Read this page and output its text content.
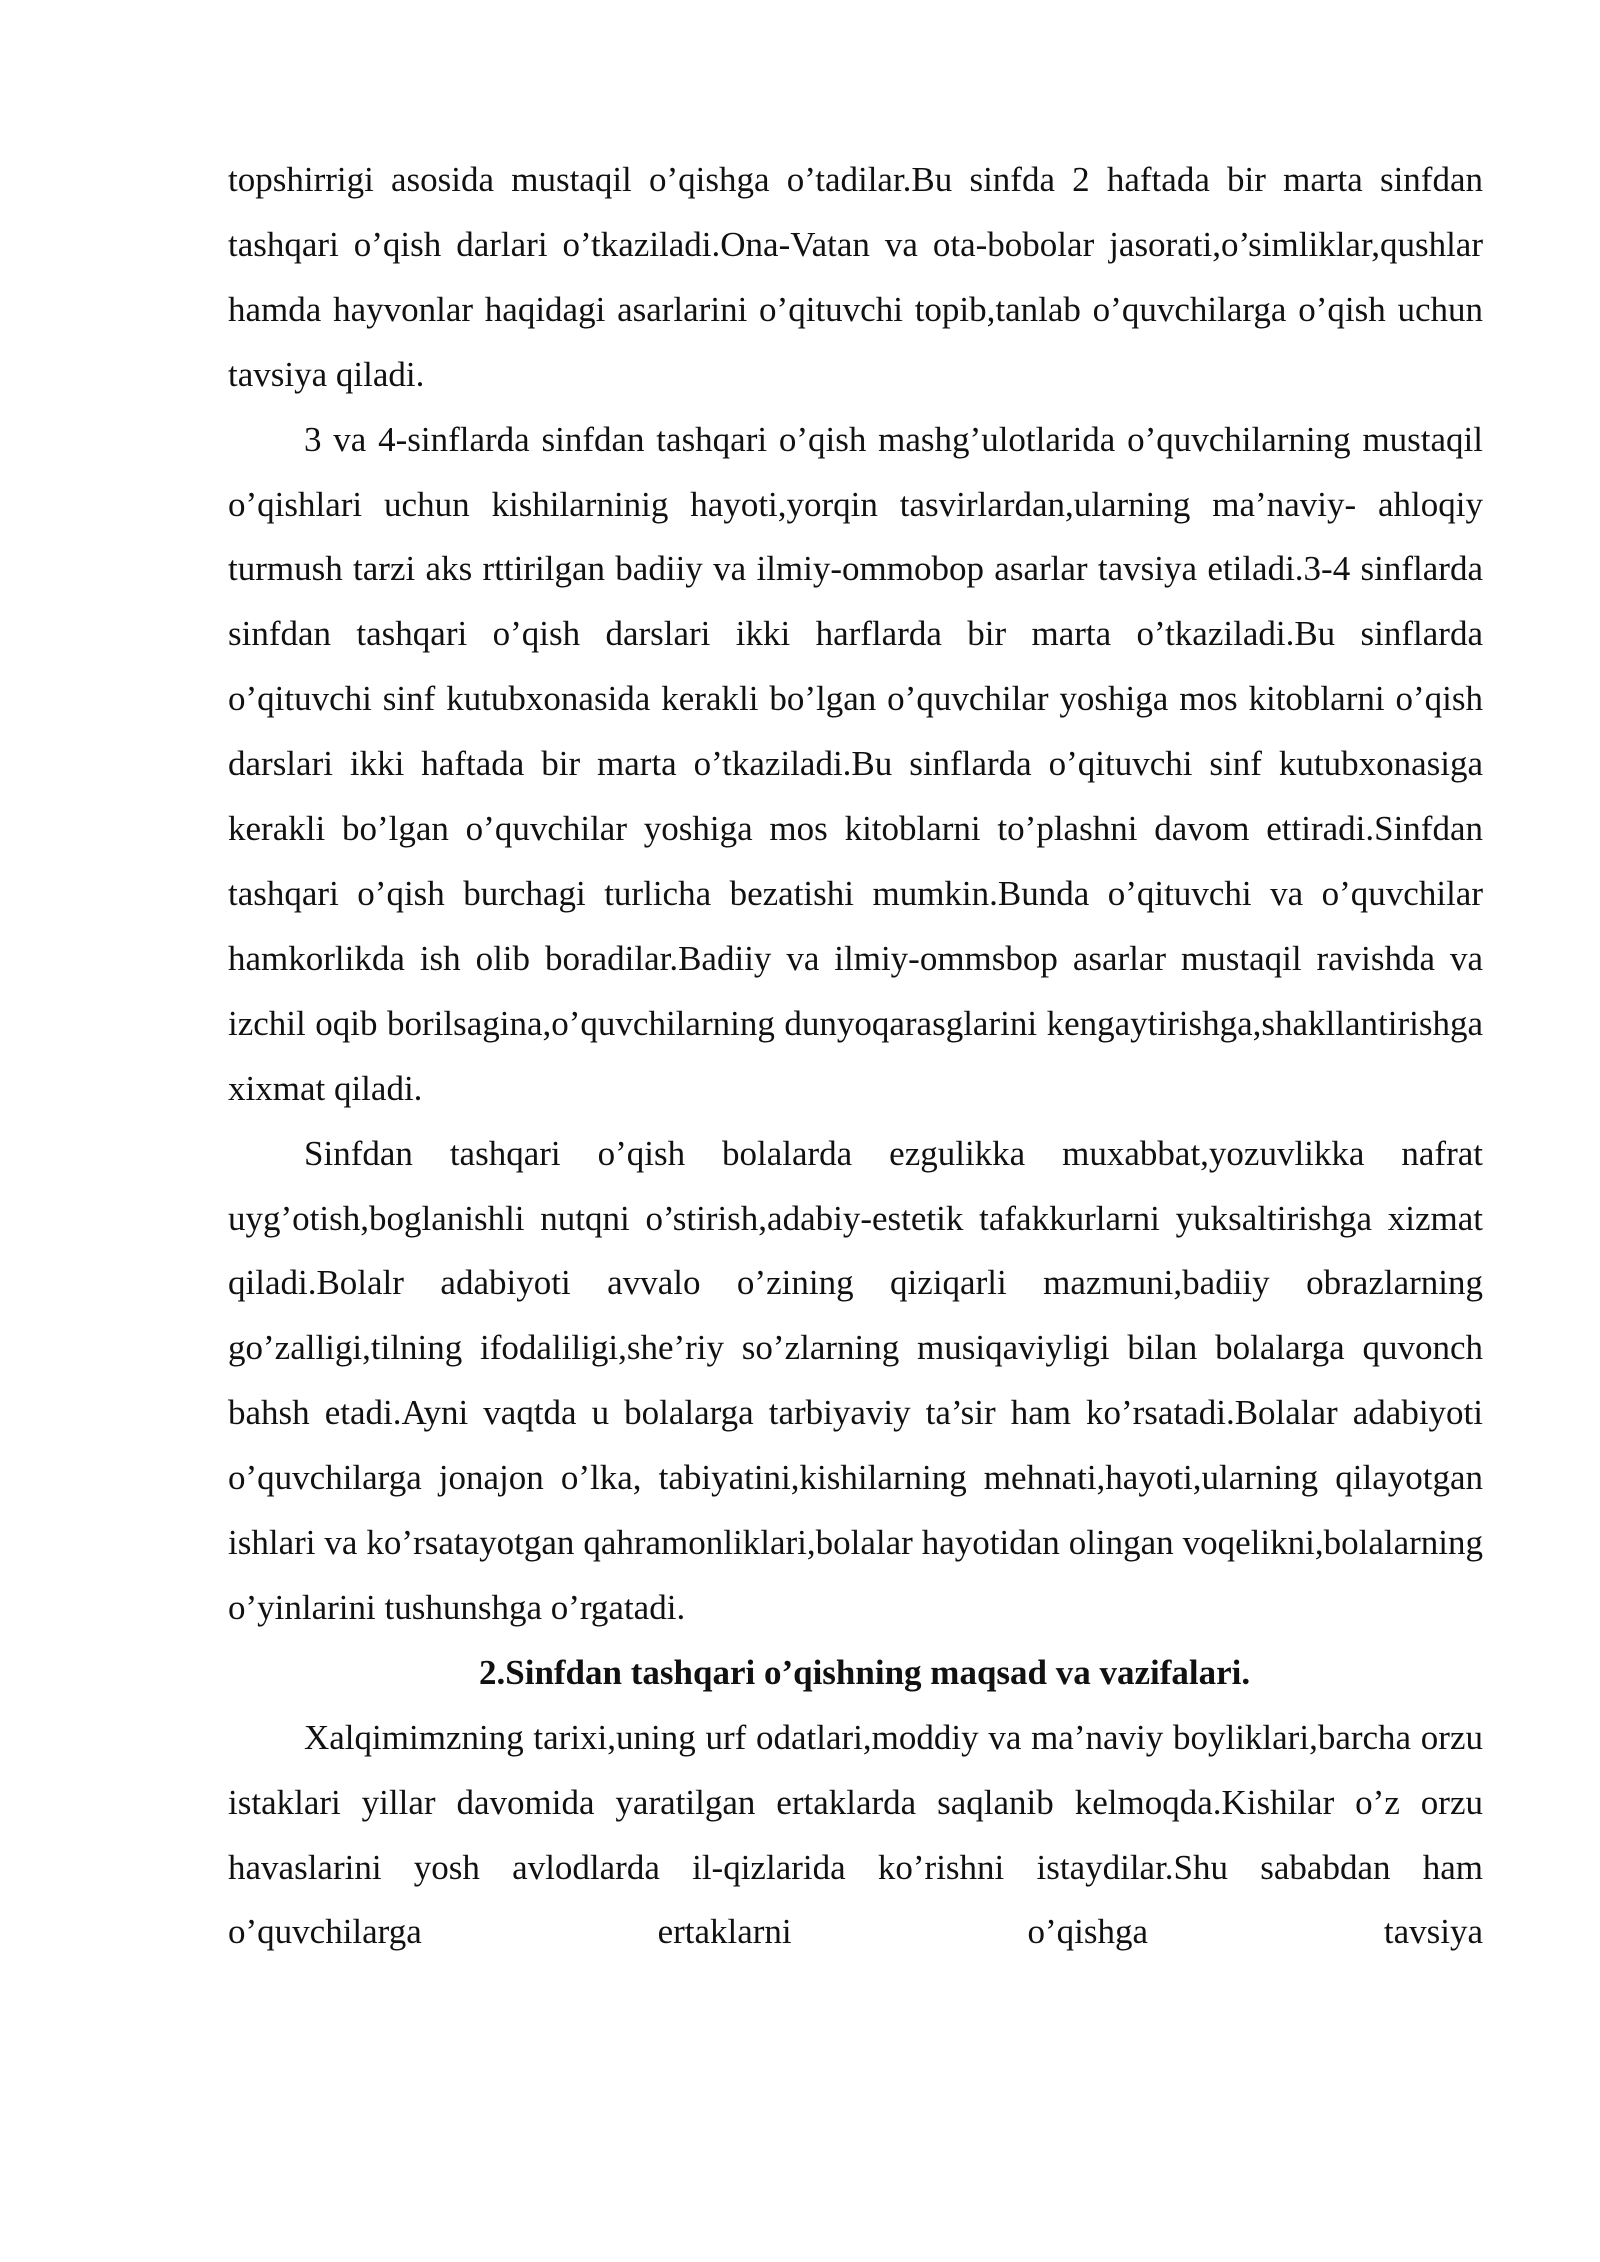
topshirrigi asosida mustaqil o’qishga o’tadilar.Bu sinfda 2 haftada bir marta sinfdan tashqari o’qish darlari o’tkaziladi.Ona-Vatan va ota-bobolar jasorati,o’simliklar,qushlar hamda hayvonlar haqidagi asarlarini o’qituvchi topib,tanlab o’quvchilarga o’qish uchun tavsiya qiladi.

3 va 4-sinflarda sinfdan tashqari o’qish mashg’ulotlarida o’quvchilarning mustaqil o’qishlari uchun kishilarninig hayoti,yorqin tasvirlardan,ularning ma’naviy- ahloqiy turmush tarzi aks rttirilgan badiiy va ilmiy-ommobop asarlar tavsiya etiladi.3-4 sinflarda sinfdan tashqari o’qish darslari ikki harflarda bir marta o’tkaziladi.Bu sinflarda o’qituvchi sinf kutubxonasida kerakli bo’lgan o’quvchilar yoshiga mos kitoblarni o’qish darslari ikki haftada bir marta o’tkaziladi.Bu sinflarda o’qituvchi sinf kutubxonasiga kerakli bo’lgan o’quvchilar yoshiga mos kitoblarni to’plashni davom ettiradi.Sinfdan tashqari o’qish burchagi turlicha bezatishi mumkin.Bunda o’qituvchi va o’quvchilar hamkorlikda ish olib boradilar.Badiiy va ilmiy-ommsbop asarlar mustaqil ravishda va izchil oqib borilsagina,o’quvchilarning dunyoqarasglarini kengaytirishga,shakllantirishga xixmat qiladi.

Sinfdan tashqari o’qish bolalarda ezgulikka muxabbat,yozuvlikka nafrat uyg’otish,boglanishli nutqni o’stirish,adabiy-estetik tafakkurlarni yuksaltirishga xizmat qiladi.Bolalr adabiyoti avvalo o’zining qiziqarli mazmuni,badiiy obrazlarning go’zalligi,tilning ifodaliligi,she’riy so’zlarning musiqaviyligi bilan bolalarga quvonch bahsh etadi.Ayni vaqtda u bolalarga tarbiyaviy ta’sir ham ko’rsatadi.Bolalar adabiyoti o’quvchilarga jonajon o’lka, tabiyatini,kishilarning mehnati,hayoti,ularning qilayotgan ishlari va ko’rsatayotgan qahramonliklari,bolalar hayotidan olingan voqelikni,bolalarning o’yinlarini tushunshga o’rgatadi.

2.Sinfdan tashqari o’qishning maqsad va vazifalari.

Xalqimimzning tarixi,uning urf odatlari,moddiy va ma’naviy boyliklari,barcha orzu istaklari yillar davomida yaratilgan ertaklarda saqlanib kelmoqda.Kishilar o’z orzu havaslarini yosh avlodlarda il-qizlarida ko’rishni istaydilar.Shu sababdan ham o’quvchilarga ertaklarni o’qishga tavsiya
